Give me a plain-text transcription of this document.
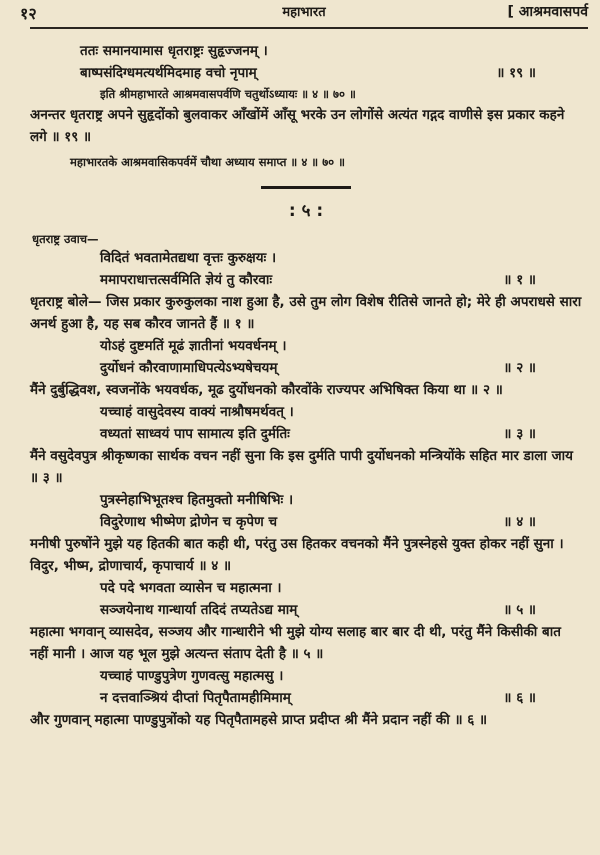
१२	महाभारत	[ आश्रमवासपर्व
ततः समानयामास धृतराष्ट्रः सुहृज्जनम् ।
बाष्पसंदिग्धमत्यर्थमिदमाह वचो नृपाम्	॥ १९ ॥
इति श्रीमहाभारते आश्रमवासपर्वणि चतुर्थोऽध्यायः ॥ ४ ॥ ७० ॥
अनन्तर धृतराष्ट्र अपने सुहृदोंको बुलवाकर आँखोंमें आँसू भरके उन लोगोंसे अत्यंत गद्गद वाणीसे इस प्रकार कहने लगे ॥ १९ ॥
महाभारतके आश्रमवासिकपर्वमें चौथा अध्याय समाप्त ॥ ४ ॥ ७० ॥
: ५ :
धृतराष्ट्र उवाच—
विदितं भवतामेतद्यथा वृत्तः कुरुक्षयः ।
ममापराधात्तत्सर्वमिति ज्ञेयं तु कौरवाः	॥ १ ॥
धृतराष्ट्र बोले— जिस प्रकार कुरुकुलका नाश हुआ है, उसे तुम लोग विशेष रीतिसे जानते हो; मेरे ही अपराधसे सारा अनर्थ हुआ है, यह सब कौरव जानते हैं ॥ १ ॥
योऽहं दुष्टमतिं मूढं ज्ञातीनां भयवर्धनम् ।
दुर्योधनं कौरवाणामाधिपत्येऽभ्यषेचयम्	॥ २ ॥
मैंने दुर्बुद्धिवश, स्वजनोंके भयवर्धक, मूढ दुर्योधनको कौरवोंके राज्यपर अभिषिक्त किया था ॥ २ ॥
यच्चाहं वासुदेवस्य वाक्यं नाश्रौषमर्थवत् ।
वध्यतां साध्वयं पाप सामात्य इति दुर्मतिः	॥ ३ ॥
मैंने वसुदेवपुत्र श्रीकृष्णका सार्थक वचन नहीं सुना कि इस दुर्मति पापी दुर्योधनको मन्त्रियोंके सहित मार डाला जाय ॥ ३ ॥
पुत्रस्नेहाभिभूतश्च हितमुक्तो मनीषिभिः ।
विदुरेणाथ भीष्मेण द्रोणेन च कृपेण च	॥ ४ ॥
मनीषी पुरुषोंने मुझे यह हितकी बात कही थी, परंतु उस हितकर वचनको मैंने पुत्रस्नेहसे युक्त होकर नहीं सुना । विदुर, भीष्म, द्रोणाचार्य, कृपाचार्य ॥ ४ ॥
पदे पदे भगवता व्यासेन च महात्मना ।
सञ्जयेनाथ गान्धार्या तदिदं तप्यतेऽद्य माम्	॥ ५ ॥
महात्मा भगवान् व्यासदेव, सञ्जय और गान्धारीने भी मुझे योग्य सलाह बार बार दी थी, परंतु मैंने किसीकी बात नहीं मानी । आज यह भूल मुझे अत्यन्त संताप देती है ॥ ५ ॥
यच्चाहं पाण्डुपुत्रेण गुणवत्सु महात्मसु ।
न दत्तवाञ्श्रियं दीप्तां पितृपैतामहीमिमाम्	॥ ६ ॥
और गुणवान् महात्मा पाण्डुपुत्रोंको यह पितृपैतामहसे प्राप्त प्रदीप्त श्री मैंने प्रदान नहीं की ॥ ६ ॥
